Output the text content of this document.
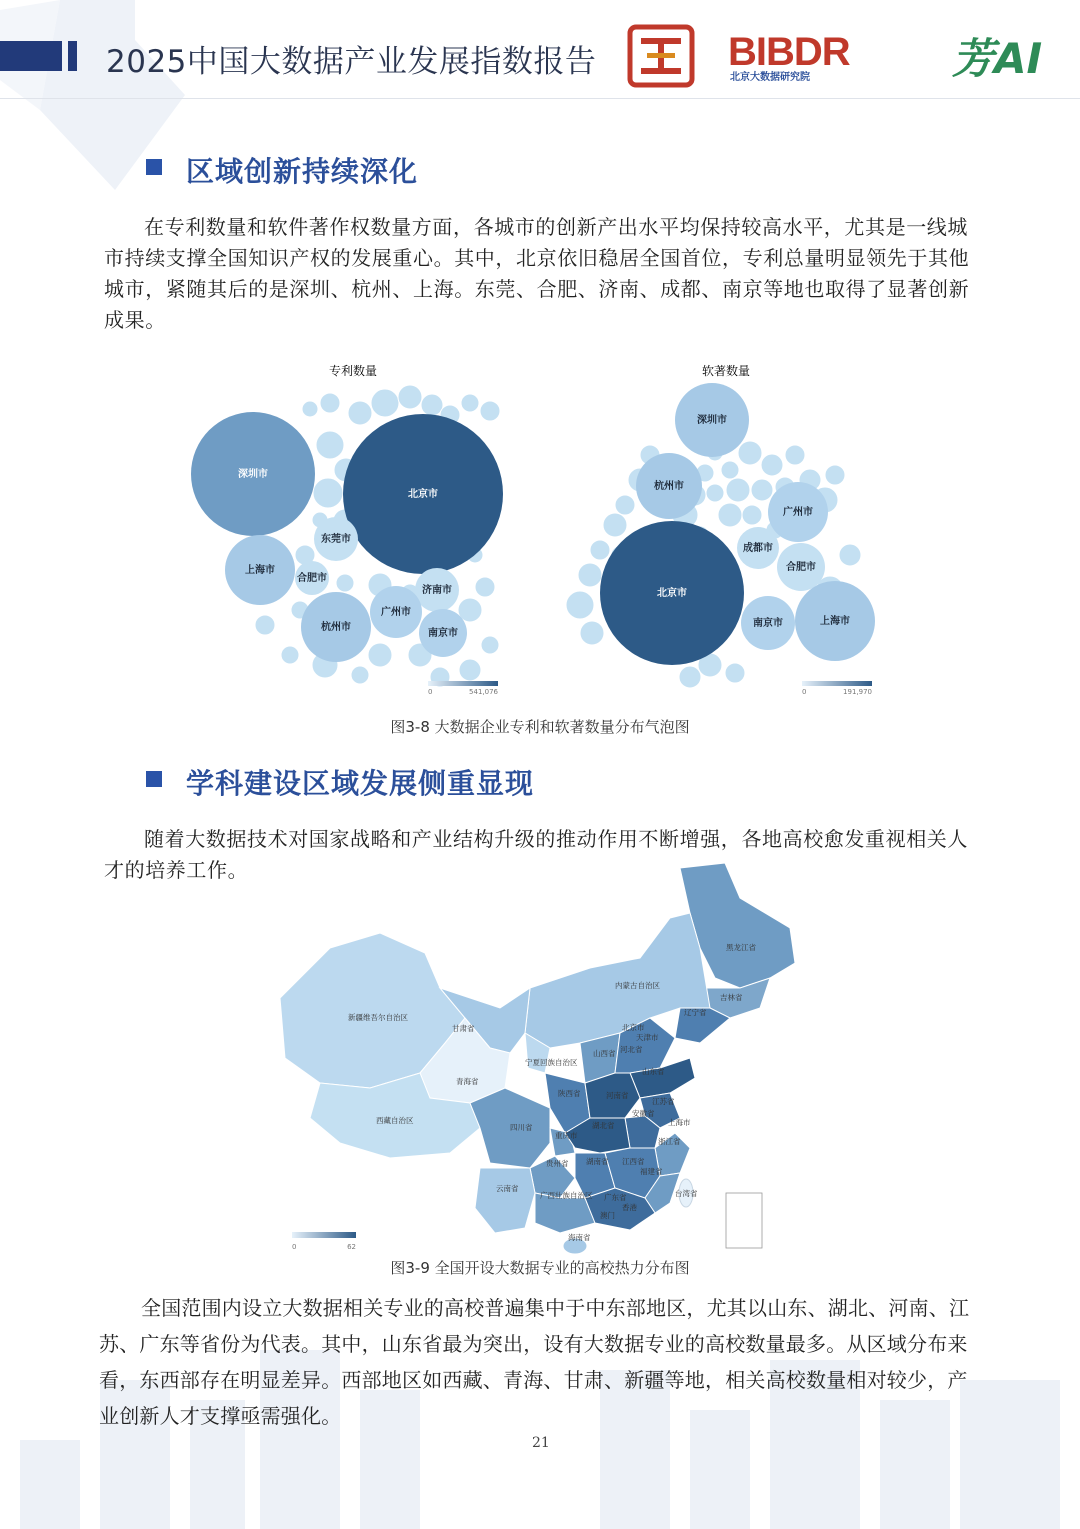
2025中国大数据产业发展指数报告	BIBDR
北京大数据研究院	芳AI
区域创新持续深化

在专利数量和软件著作权数量方面，各城市的创新产出水平均保持较高水平，尤其是一线城市持续支撑全国知识产权的发展重心。其中，北京依旧稳居全国首位，专利总量明显领先于其他城市，紧随其后的是深圳、杭州、上海。东莞、合肥、济南、成都、南京等地也取得了显著创新成果。

专利数量
北京市
深圳市
上海市
杭州市
东莞市
合肥市
济南市
广州市
南京市
0	541,076
软著数量
北京市
深圳市
杭州市
广州市
成都市
合肥市
南京市	上海市
0	191,970
图3-8 大数据企业专利和软著数量分布气泡图
学科建设区域发展侧重显现

随着大数据技术对国家战略和产业结构升级的推动作用不断增强，各地高校愈发重视相关人才的培养工作。

黑龙江省
吉林省
内蒙古自治区
辽宁省
新疆维吾尔自治区
甘肃省	北京市
天津市
河北省
山西省
宁夏回族自治区
山东省
青海省
陕西省	河南省
江苏省
西藏自治区
安徽省
上海市
四川省	湖北省
重庆市
浙江省
湖南省 江西省
贵州省
福建省
云南省
广西壮族自治区 广东省	台湾省
澳门
香港
海南省
0	62
图3-9 全国开设大数据专业的高校热力分布图

全国范围内设立大数据相关专业的高校普遍集中于中东部地区，尤其以山东、湖北、河南、江苏、广东等省份为代表。其中，山东省最为突出，设有大数据专业的高校数量最多。从区域分布来看，东西部存在明显差异。西部地区如西藏、青海、甘肃、新疆等地，相关高校数量相对较少，产业创新人才支撑亟需强化。

21
